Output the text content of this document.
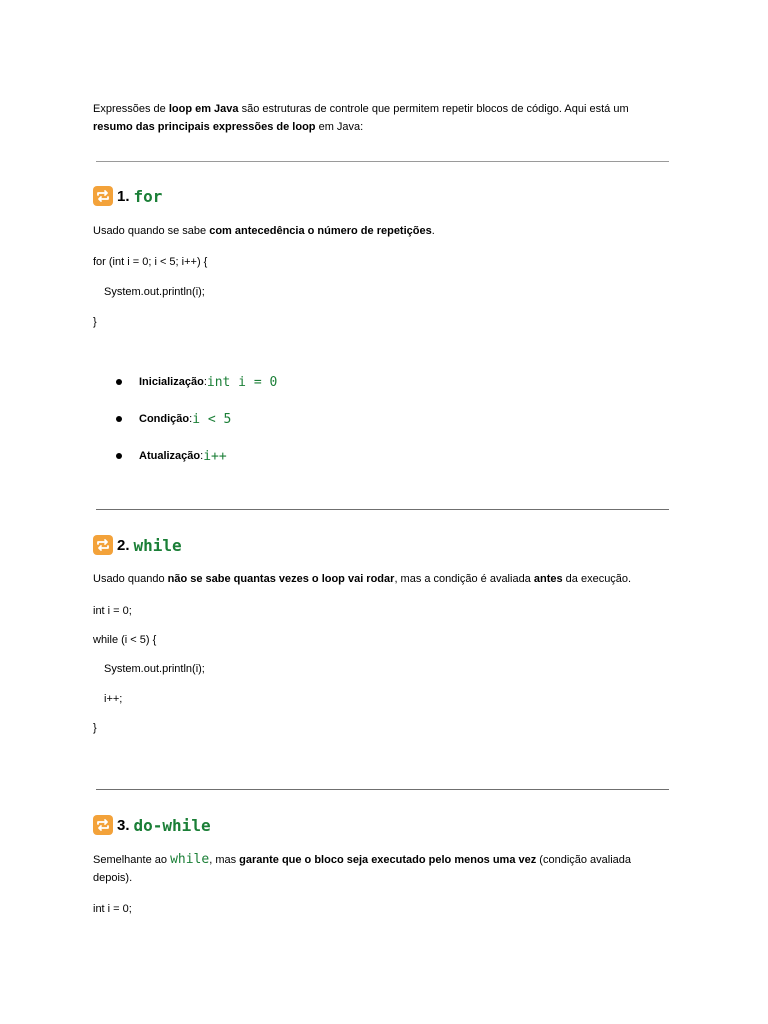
Expressões de loop em Java são estruturas de controle que permitem repetir blocos de código. Aqui está um

resumo das principais expressões de loop em Java:

1. for

Usado quando se sabe com antecedência o número de repetições.

for (int i = 0; i < 5; i++) {

System.out.println(i);

}

Inicialização : int i = 0
Condição : i < 5
Atualização : i++
2. while

Usado quando não se sabe quantas vezes o loop vai rodar, mas a condição é avaliada antes da execução.

int i = 0;

while (i < 5) {

System.out.println(i);

i++;

}

3. do-while

Semelhante ao while, mas garante que o bloco seja executado pelo menos uma vez (condição avaliada

depois).

int i = 0;
